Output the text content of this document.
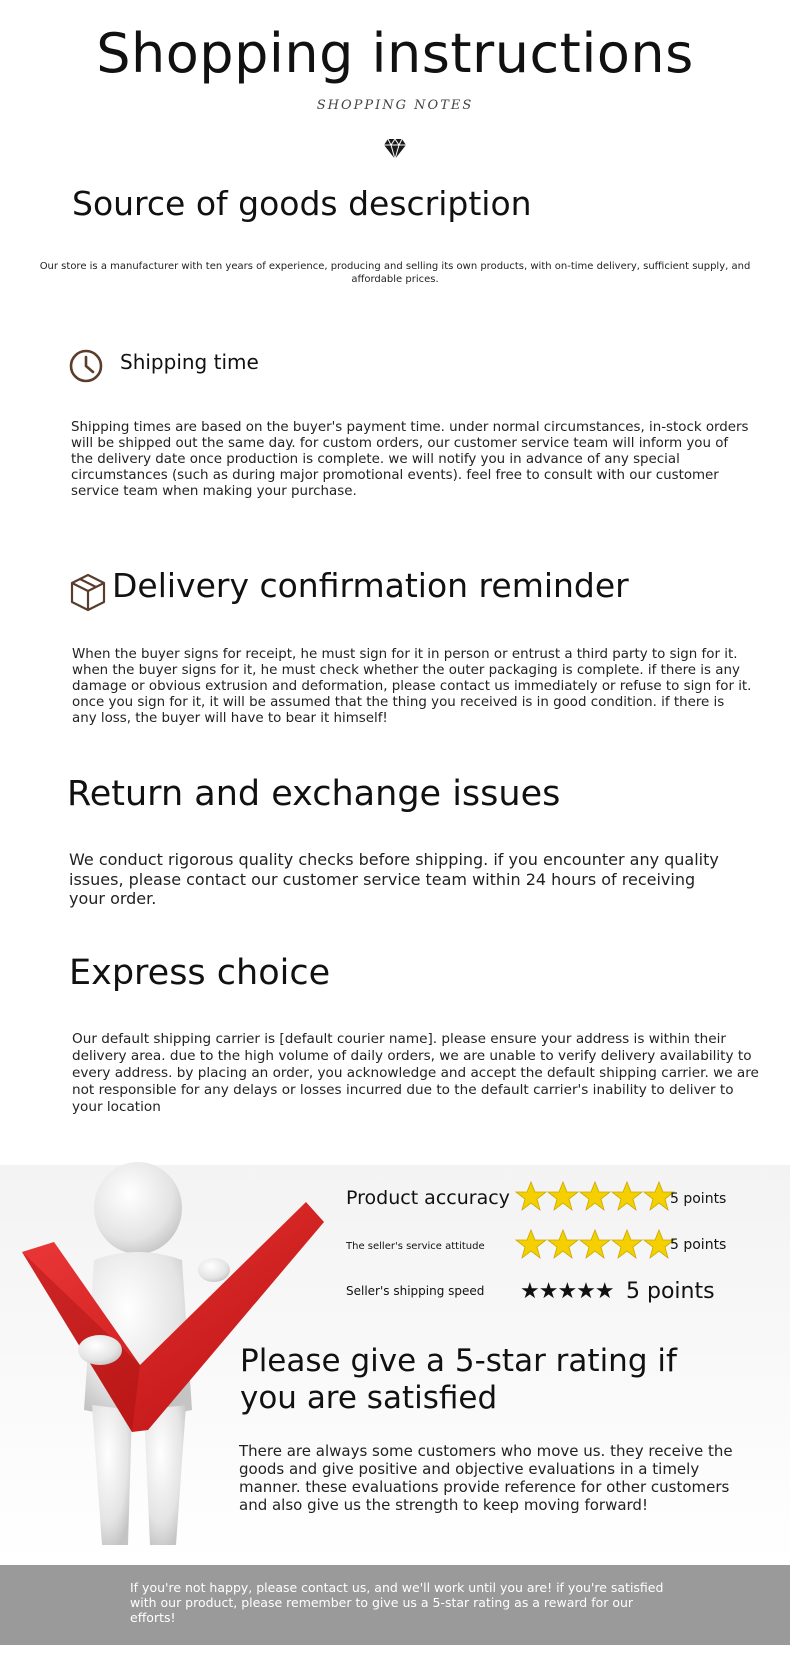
Shopping instructions
SHOPPING NOTES
Source of goods description
Our store is a manufacturer with ten years of experience, producing and selling its own products, with on-time delivery, sufficient supply, and affordable prices.
Shipping time
Shipping times are based on the buyer's payment time. under normal circumstances, in-stock orders will be shipped out the same day. for custom orders, our customer service team will inform you of the delivery date once production is complete. we will notify you in advance of any special circumstances (such as during major promotional events). feel free to consult with our customer service team when making your purchase.
Delivery confirmation reminder
When the buyer signs for receipt, he must sign for it in person or entrust a third party to sign for it. when the buyer signs for it, he must check whether the outer packaging is complete. if there is any damage or obvious extrusion and deformation, please contact us immediately or refuse to sign for it. once you sign for it, it will be assumed that the thing you received is in good condition. if there is any loss, the buyer will have to bear it himself!
Return and exchange issues
We conduct rigorous quality checks before shipping. if you encounter any quality issues, please contact our customer service team within 24 hours of receiving your order.
Express choice
Our default shipping carrier is [default courier name]. please ensure your address is within their delivery area. due to the high volume of daily orders, we are unable to verify delivery availability to every address. by placing an order, you acknowledge and accept the default shipping carrier. we are not responsible for any delays or losses incurred due to the default carrier's inability to deliver to your location
Product accuracy	5 points
The seller's service attitude	5 points
Seller's shipping speed ★★★★★ 5 points
Please give a 5-star rating if you are satisfied
There are always some customers who move us. they receive the goods and give positive and objective evaluations in a timely manner. these evaluations provide reference for other customers and also give us the strength to keep moving forward!
If you're not happy, please contact us, and we'll work until you are! if you're satisfied with our product, please remember to give us a 5-star rating as a reward for our efforts!
